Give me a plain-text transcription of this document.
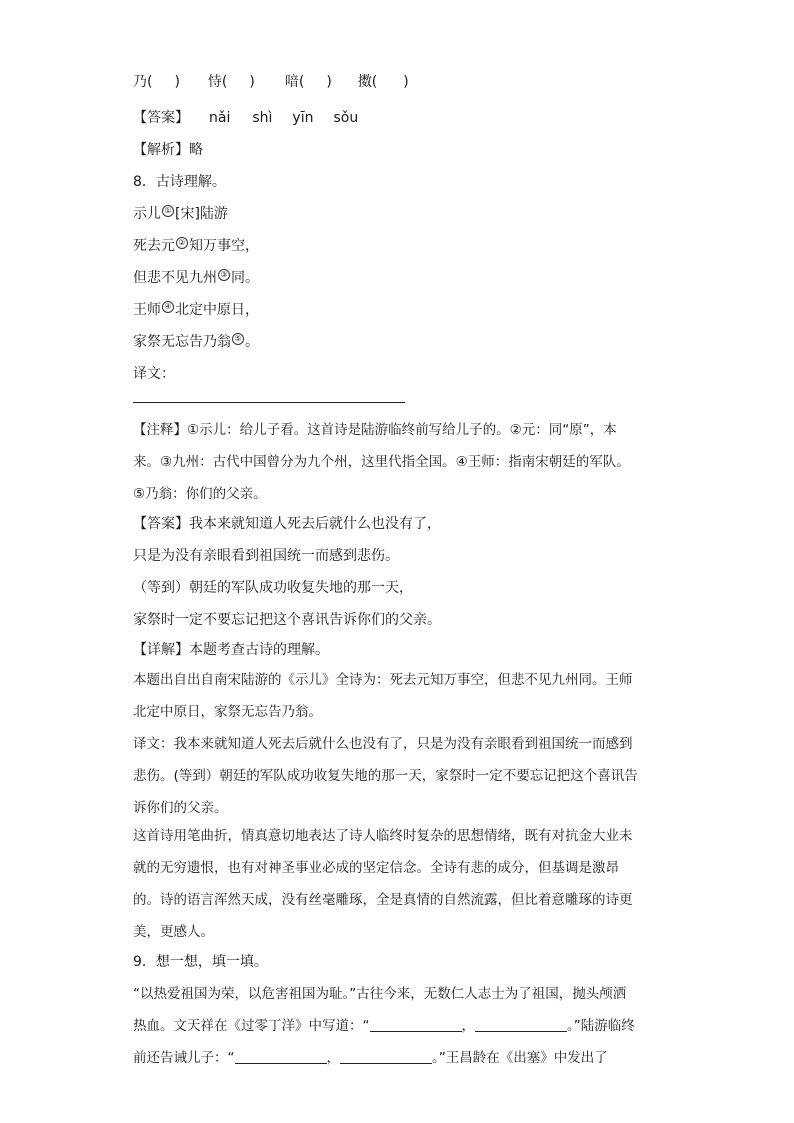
乃( ) 恃( ) 喑( ) 擞( )
【答案】 nǎi shì yīn sǒu
【解析】略
8．古诗理解。
示儿 ① [宋]陆游
死去元 ② 知万事空，
但悲不见九州 ③ 同。
王师 ④ 北定中原日，
家祭无忘告乃翁 ⑤ 。
译文：
【注释】①示儿：给儿子看。这首诗是陆游临终前写给儿子的。②元：同“原”，本
来。③九州：古代中国曾分为九个州，这里代指全国。④王师：指南宋朝廷的军队。
⑤乃翁：你们的父亲。
【答案】我本来就知道人死去后就什么也没有了，
只是为没有亲眼看到祖国统一而感到悲伤。
（等到）朝廷的军队成功收复失地的那一天，
家祭时一定不要忘记把这个喜讯告诉你们的父亲。
【详解】本题考查古诗的理解。
本题出自出自南宋陆游的《示儿》全诗为：死去元知万事空，但悲不见九州同。王师
北定中原日，家祭无忘告乃翁。
译文：我本来就知道人死去后就什么也没有了，只是为没有亲眼看到祖国统一而感到
悲伤。(等到）朝廷的军队成功收复失地的那一天，家祭时一定不要忘记把这个喜讯告
诉你们的父亲。
这首诗用笔曲折，情真意切地表达了诗人临终时复杂的思想情绪，既有对抗金大业未
就的无穷遗恨，也有对神圣事业必成的坚定信念。全诗有悲的成分，但基调是激昂
的。诗的语言浑然天成，没有丝毫雕琢，全是真情的自然流露，但比着意雕琢的诗更
美，更感人。
9．想一想，填一填。
“以热爱祖国为荣，以危害祖国为耻。”古往今来，无数仁人志士为了祖国，抛头颅洒
热血。文天祥在《过零丁洋》中写道：“	，	。”陆游临终
前还告诫儿子：“	，	。”王昌龄在《出塞》中发出了
